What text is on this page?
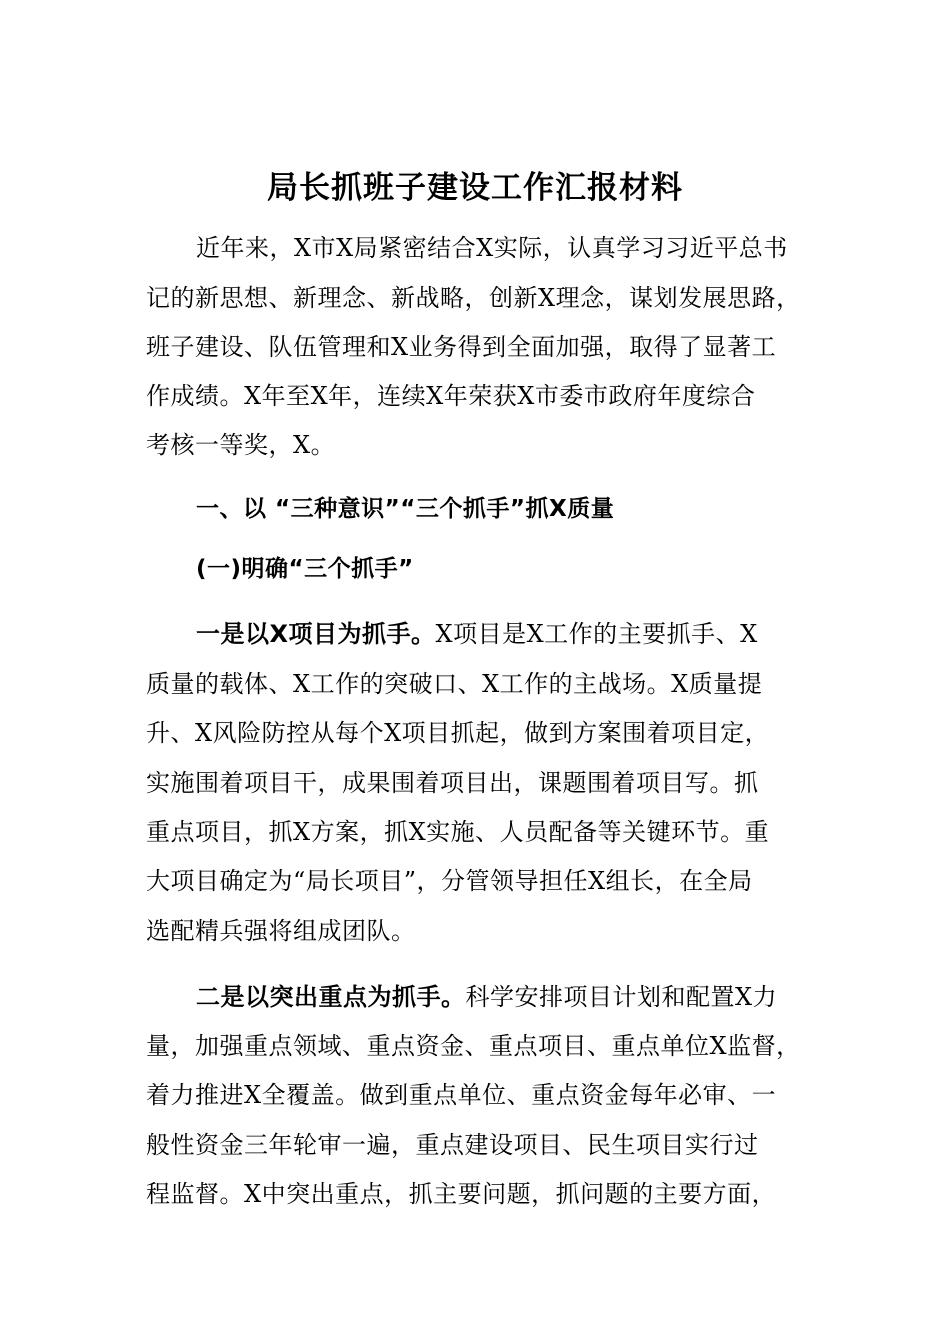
局长抓班子建设工作汇报材料
近年来，X市X局紧密结合X实际，认真学习习近平总书
记的新思想、新理念、新战略，创新X理念，谋划发展思路，
班子建设、队伍管理和X业务得到全面加强，取得了显著工
作成绩。X年至X年，连续X年荣获X市委市政府年度综合
考核一等奖，X。
一、以 “三种意识”“三个抓手”抓X质量
(一)明确“三个抓手”
一是以X项目为抓手。X项目是X工作的主要抓手、X
质量的载体、X工作的突破口、X工作的主战场。X质量提
升、X风险防控从每个X项目抓起，做到方案围着项目定，
实施围着项目干，成果围着项目出，课题围着项目写。抓
重点项目，抓X方案，抓X实施、人员配备等关键环节。重
大项目确定为“局长项目”，分管领导担任X组长，在全局
选配精兵强将组成团队。
二是以突出重点为抓手。科学安排项目计划和配置X力
量，加强重点领域、重点资金、重点项目、重点单位X监督，
着力推进X全覆盖。做到重点单位、重点资金每年必审、一
般性资金三年轮审一遍，重点建设项目、民生项目实行过
程监督。X中突出重点，抓主要问题，抓问题的主要方面，
